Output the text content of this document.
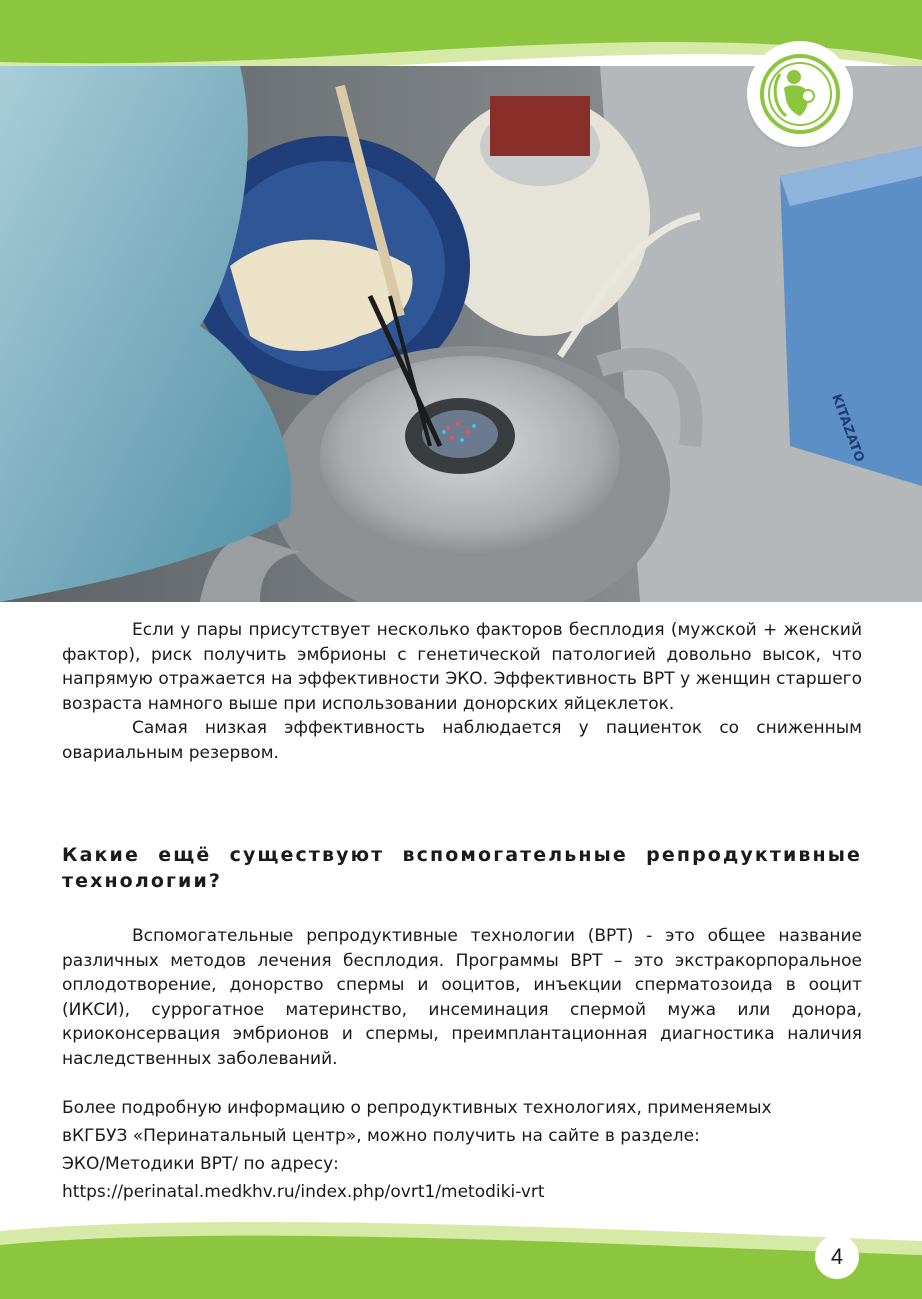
KITAZATO

Если у пары присутствует несколько факторов бесплодия (мужской + женский фактор), риск получить эмбрионы с генетической патологией довольно высок, что напрямую отражается на эффективности ЭКО. Эффективность ВРТ у женщин старшего возраста намного выше при использовании донорских яйцеклеток.

Самая низкая эффективность наблюдается у пациенток со сниженным овариальным резервом.

Какие ещё существуют вспомогательные репродуктивные технологии?

Вспомогательные репродуктивные технологии (ВРТ) - это общее название различных методов лечения бесплодия. Программы ВРТ – это экстракорпоральное оплодотворение, донорство спермы и ооцитов, инъекции сперматозоида в ооцит (ИКСИ), суррогатное материнство, инсеминация спермой мужа или донора, криоконсервация эмбрионов и спермы, преимплантационная диагностика наличия наследственных заболеваний.

Более подробную информацию о репродуктивных технологиях, применяемых
вКГБУЗ «Перинатальный центр», можно получить на сайте в разделе:
ЭКО/Методики ВРТ/ по адресу:
https://perinatal.medkhv.ru/index.php/ovrt1/metodiki-vrt
4
